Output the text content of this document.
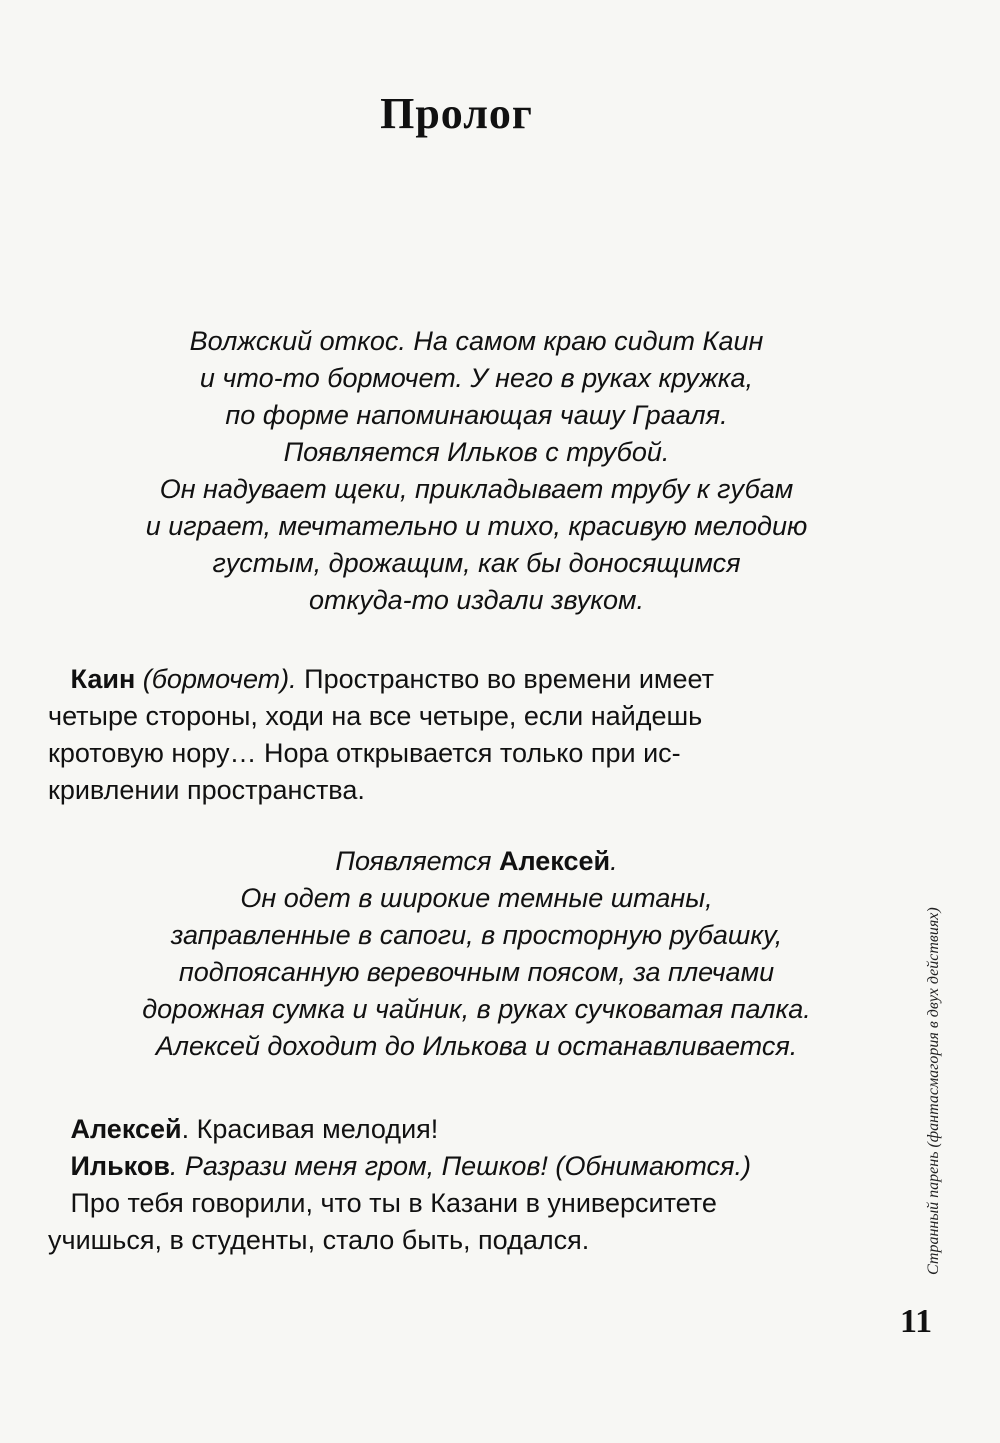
Пролог
Волжский откос. На самом краю сидит Каин
и что-то бормочет. У него в руках кружка,
по форме напоминающая чашу Грааля.
Появляется Ильков с трубой.
Он надувает щеки, прикладывает трубу к губам
и играет, мечтательно и тихо, красивую мелодию
густым, дрожащим, как бы доносящимся
откуда-то издали звуком.
Каин (бормочет). Пространство во времени имеет
четыре стороны, ходи на все четыре, если найдешь
кротовую нору… Нора открывается только при ис-
кривлении пространства.
Появляется Алексей.
Он одет в широкие темные штаны,
заправленные в сапоги, в просторную рубашку,
подпоясанную веревочным поясом, за плечами
дорожная сумка и чайник, в руках сучковатая палка.
Алексей доходит до Илькова и останавливается.
Алексей. Красивая мелодия!
Ильков. Разрази меня гром, Пешков! (Обнимаются.)
Про тебя говорили, что ты в Казани в университете
учишься, в студенты, стало быть, подался.	Странный парень (фантасмагория в двух действиях)
11
